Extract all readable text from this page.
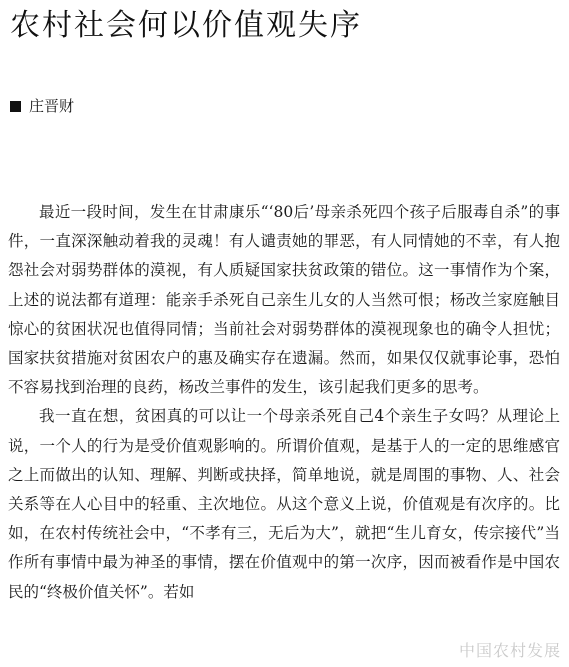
农村社会何以价值观失序
庄晋财

最近一段时间，发生在甘肃康乐“‘80后’母亲杀死四个孩子后服毒自杀”的事件，一直深深触动着我的灵魂！有人谴责她的罪恶，有人同情她的不幸，有人抱怨社会对弱势群体的漠视，有人质疑国家扶贫政策的错位。这一事情作为个案，上述的说法都有道理：能亲手杀死自己亲生儿女的人当然可恨；杨改兰家庭触目惊心的贫困状况也值得同情；当前社会对弱势群体的漠视现象也的确令人担忧；国家扶贫措施对贫困农户的惠及确实存在遗漏。然而，如果仅仅就事论事，恐怕不容易找到治理的良药，杨改兰事件的发生，该引起我们更多的思考。

我一直在想，贫困真的可以让一个母亲杀死自己4个亲生子女吗？从理论上说，一个人的行为是受价值观影响的。所谓价值观，是基于人的一定的思维感官之上而做出的认知、理解、判断或抉择，简单地说，就是周围的事物、人、社会关系等在人心目中的轻重、主次地位。从这个意义上说，价值观是有次序的。比如，在农村传统社会中，“不孝有三，无后为大”，就把“生儿育女，传宗接代”当作所有事情中最为神圣的事情，摆在价值观中的第一次序，因而被看作是中国农民的“终极价值关怀”。若如

中国农村发展
